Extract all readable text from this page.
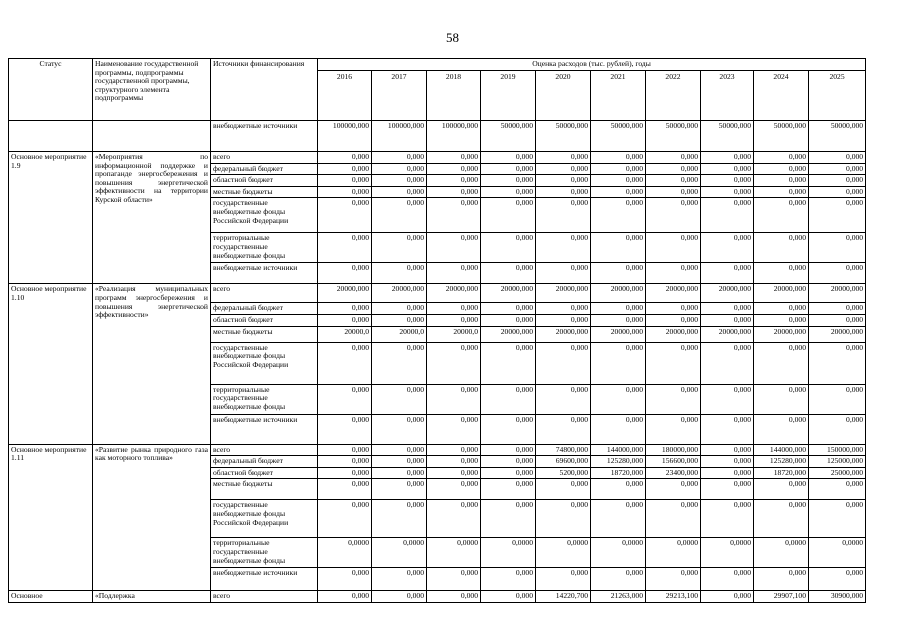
58
Статус	Наименование государственной программы, подпрограммы государственной программы, структурного элемента подпрограммы	Источники финансирования	Оценка расходов (тыс. рублей), годы									
			2016	2017	2018	2019	2020	2021	2022	2023	2024	2025
		внебюджетные источники	100000,000	100000,000	100000,000	50000,000	50000,000	50000,000	50000,000	50000,000	50000,000	50000,000
Основное мероприятие 1.9	«Мероприятия по информационной поддержке и пропаганде энергосбережения и повышения энергетической эффективности на территории Курской области»	всего	0,000	0,000	0,000	0,000	0,000	0,000	0,000	0,000	0,000	0,000
		федеральный бюджет	0,000	0,000	0,000	0,000	0,000	0,000	0,000	0,000	0,000	0,000
		областной бюджет	0,000	0,000	0,000	0,000	0,000	0,000	0,000	0,000	0,000	0,000
		местные бюджеты	0,000	0,000	0,000	0,000	0,000	0,000	0,000	0,000	0,000	0,000
		государственные внебюджетные фонды Российской Федерации	0,000	0,000	0,000	0,000	0,000	0,000	0,000	0,000	0,000	0,000
		территориальные государственные внебюджетные фонды	0,000	0,000	0,000	0,000	0,000	0,000	0,000	0,000	0,000	0,000
		внебюджетные источники	0,000	0,000	0,000	0,000	0,000	0,000	0,000	0,000	0,000	0,000
Основное мероприятие 1.10	«Реализация муниципальных программ энергосбережения и повышения энергетической эффективности»	всего	20000,000	20000,000	20000,000	20000,000	20000,000	20000,000	20000,000	20000,000	20000,000	20000,000
		федеральный бюджет	0,000	0,000	0,000	0,000	0,000	0,000	0,000	0,000	0,000	0,000
		областной бюджет	0,000	0,000	0,000	0,000	0,000	0,000	0,000	0,000	0,000	0,000
		местные бюджеты	20000,0	20000,0	20000,0	20000,000	20000,000	20000,000	20000,000	20000,000	20000,000	20000,000
		государственные внебюджетные фонды Российской Федерации	0,000	0,000	0,000	0,000	0,000	0,000	0,000	0,000	0,000	0,000
		территориальные государственные внебюджетные фонды	0,000	0,000	0,000	0,000	0,000	0,000	0,000	0,000	0,000	0,000
		внебюджетные источники	0,000	0,000	0,000	0,000	0,000	0,000	0,000	0,000	0,000	0,000
Основное мероприятие 1.11	«Развитие рынка природного газа как моторного топлива»	всего	0,000	0,000	0,000	0,000	74800,000	144000,000	180000,000	0,000	144000,000	150000,000
		федеральный бюджет	0,000	0,000	0,000	0,000	69600,000	125280,000	156600,000	0,000	125280,000	125000,000
		областной бюджет	0,000	0,000	0,000	0,000	5200,000	18720,000	23400,000	0,000	18720,000	25000,000
		местные бюджеты	0,000	0,000	0,000	0,000	0,000	0,000	0,000	0,000	0,000	0,000
		государственные внебюджетные фонды Российской Федерации	0,000	0,000	0,000	0,000	0,000	0,000	0,000	0,000	0,000	0,000
		территориальные государственные внебюджетные фонды	0,0000	0,0000	0,0000	0,0000	0,0000	0,0000	0,0000	0,0000	0,0000	0,0000
		внебюджетные источники	0,000	0,000	0,000	0,000	0,000	0,000	0,000	0,000	0,000	0,000
Основное	«Подлержка	всего	0,000	0,000	0,000	0,000	14220,700	21263,000	29213,100	0,000	29907,100	30900,000
